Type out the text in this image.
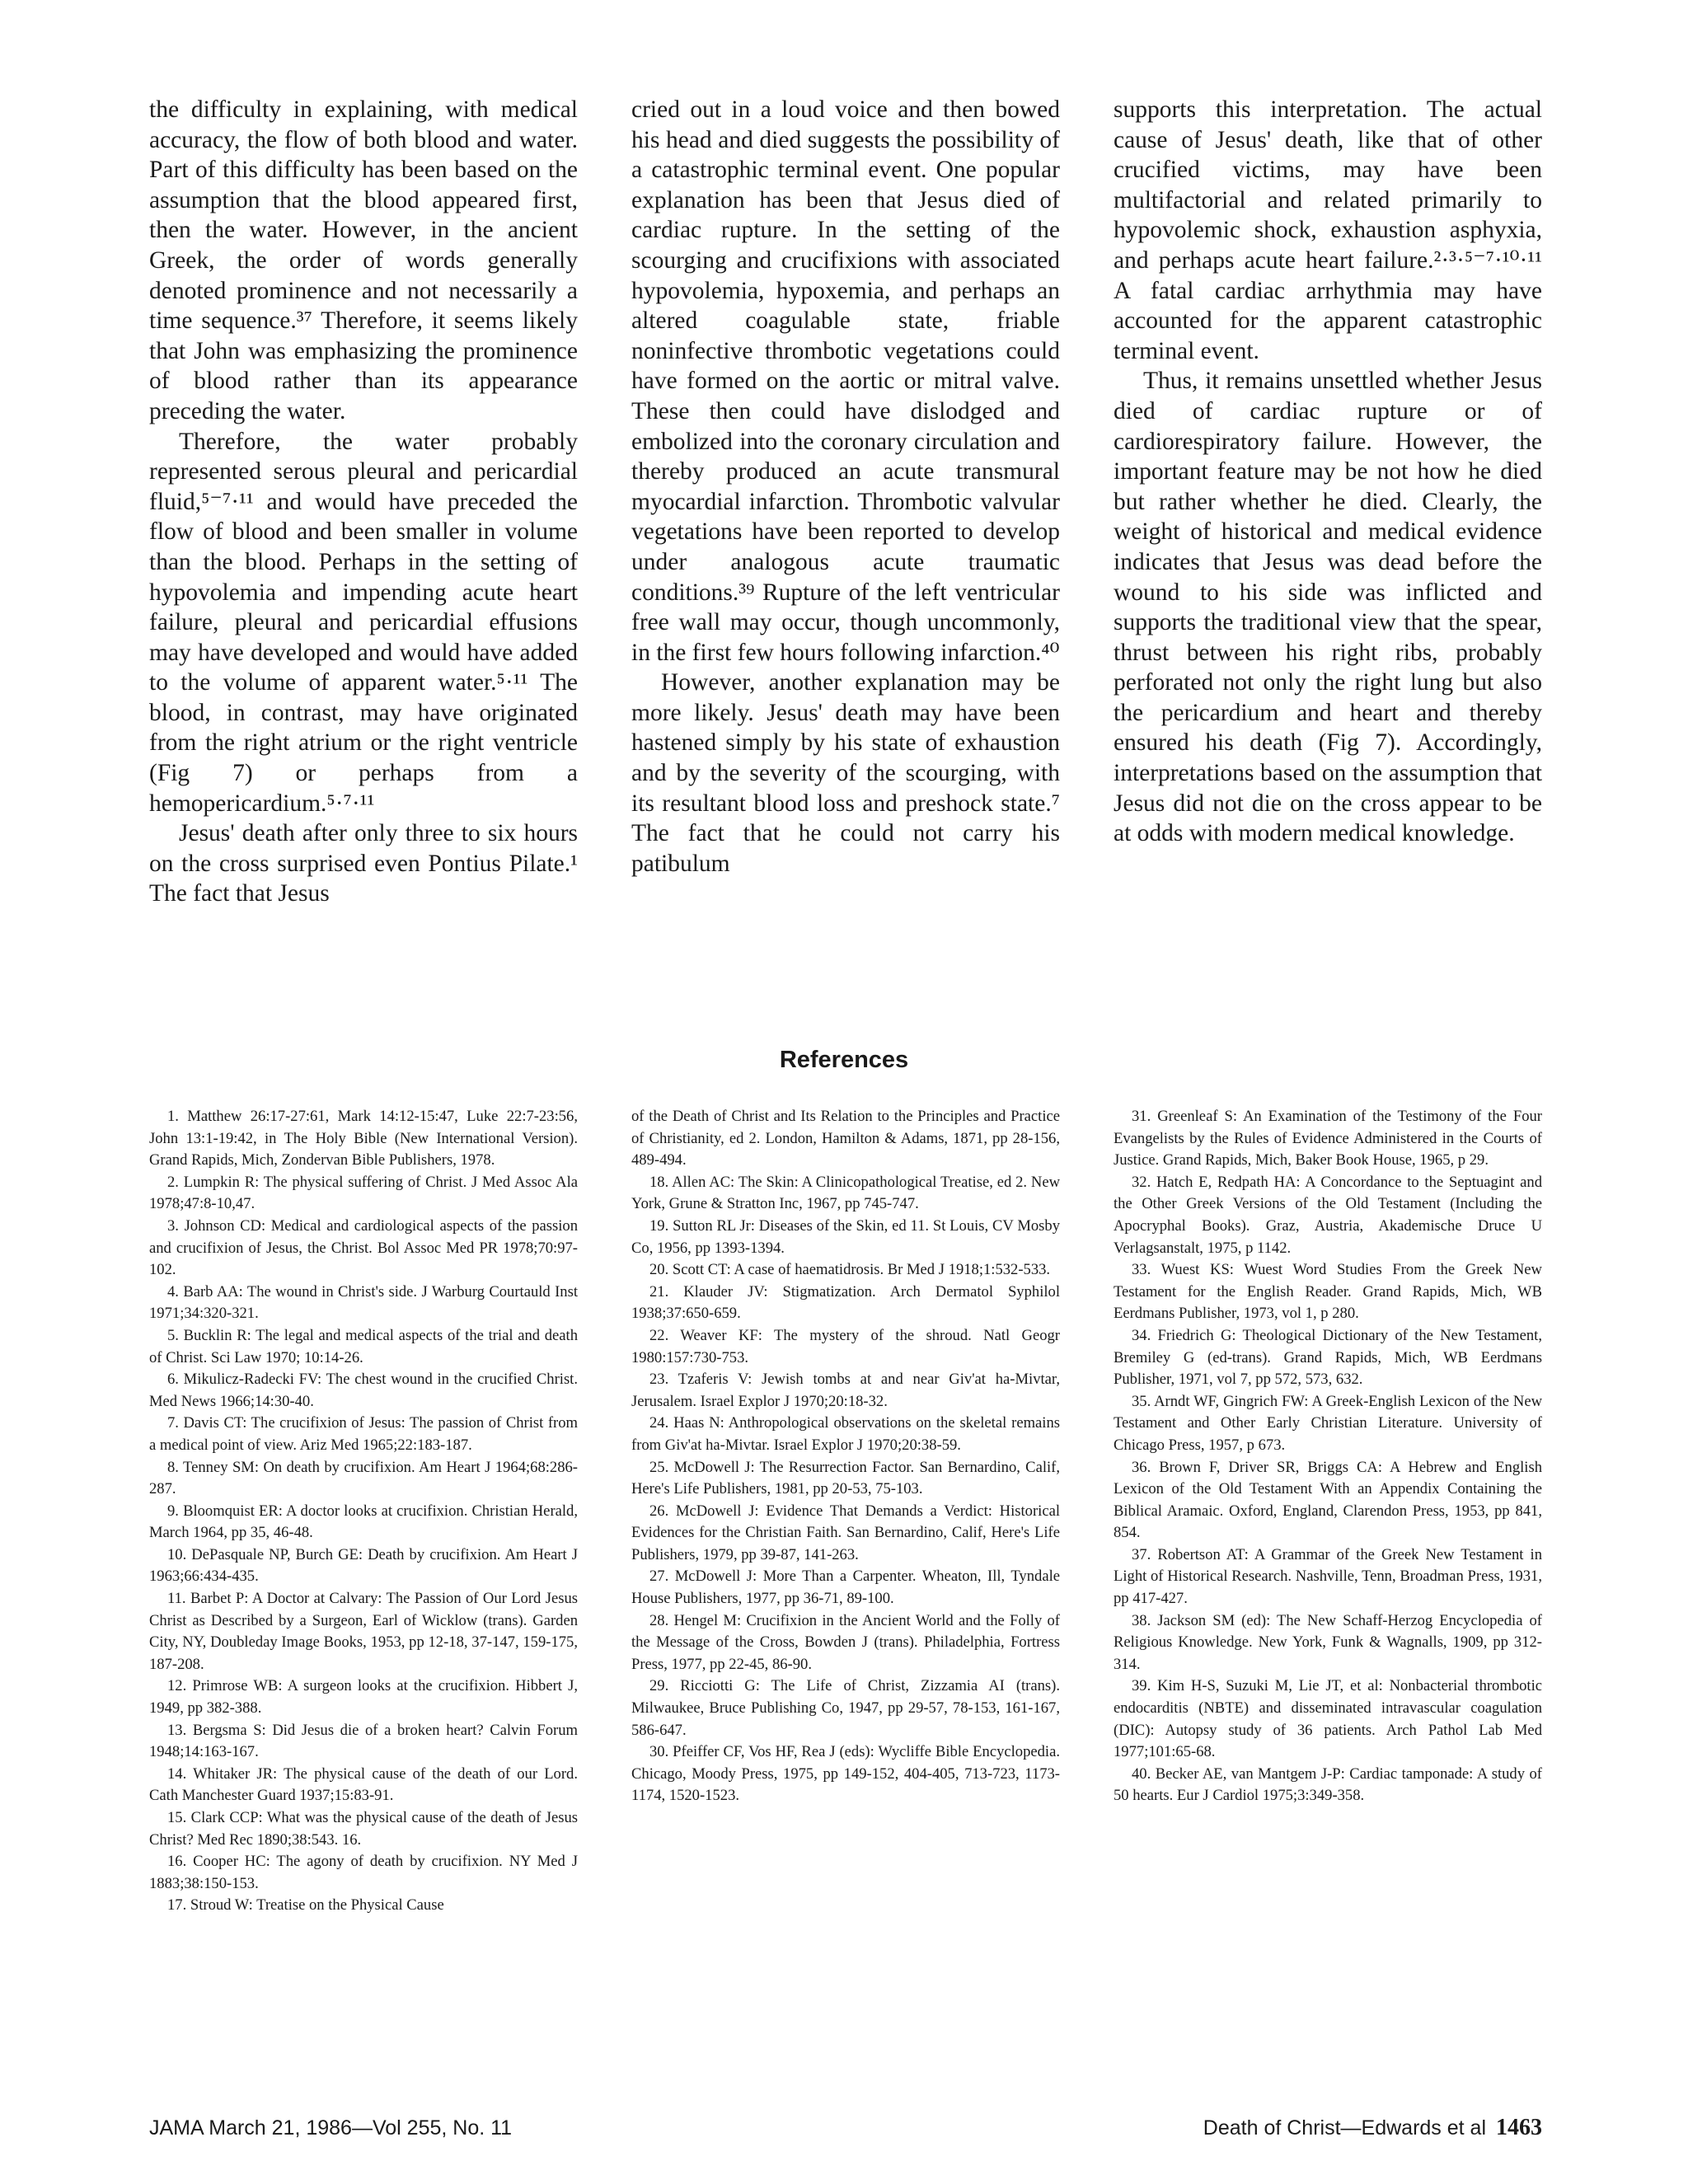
the difficulty in explaining, with medical accuracy, the flow of both blood and water. Part of this difficulty has been based on the assumption that the blood appeared first, then the water. However, in the ancient Greek, the order of words generally denoted prominence and not necessarily a time sequence.³⁷ Therefore, it seems likely that John was emphasizing the prominence of blood rather than its appearance preceding the water.

Therefore, the water probably represented serous pleural and pericardial fluid,⁵⁻⁷·¹¹ and would have preceded the flow of blood and been smaller in volume than the blood. Perhaps in the setting of hypovolemia and impending acute heart failure, pleural and pericardial effusions may have developed and would have added to the volume of apparent water.⁵·¹¹ The blood, in contrast, may have originated from the right atrium or the right ventricle (Fig 7) or perhaps from a hemopericardium.⁵·⁷·¹¹

Jesus' death after only three to six hours on the cross surprised even Pontius Pilate.¹ The fact that Jesus

cried out in a loud voice and then bowed his head and died suggests the possibility of a catastrophic terminal event. One popular explanation has been that Jesus died of cardiac rupture. In the setting of the scourging and crucifixions with associated hypovolemia, hypoxemia, and perhaps an altered coagulable state, friable noninfective thrombotic vegetations could have formed on the aortic or mitral valve. These then could have dislodged and embolized into the coronary circulation and thereby produced an acute transmural myocardial infarction. Thrombotic valvular vegetations have been reported to develop under analogous acute traumatic conditions.³⁹ Rupture of the left ventricular free wall may occur, though uncommonly, in the first few hours following infarction.⁴⁰

However, another explanation may be more likely. Jesus' death may have been hastened simply by his state of exhaustion and by the severity of the scourging, with its resultant blood loss and preshock state.⁷ The fact that he could not carry his patibulum

supports this interpretation. The actual cause of Jesus' death, like that of other crucified victims, may have been multifactorial and related primarily to hypovolemic shock, exhaustion asphyxia, and perhaps acute heart failure.²·³·⁵⁻⁷·¹⁰·¹¹ A fatal cardiac arrhythmia may have accounted for the apparent catastrophic terminal event.

Thus, it remains unsettled whether Jesus died of cardiac rupture or of cardiorespiratory failure. However, the important feature may be not how he died but rather whether he died. Clearly, the weight of historical and medical evidence indicates that Jesus was dead before the wound to his side was inflicted and supports the traditional view that the spear, thrust between his right ribs, probably perforated not only the right lung but also the pericardium and heart and thereby ensured his death (Fig 7). Accordingly, interpretations based on the assumption that Jesus did not die on the cross appear to be at odds with modern medical knowledge.

References

1. Matthew 26:17-27:61, Mark 14:12-15:47, Luke 22:7-23:56, John 13:1-19:42, in The Holy Bible (New International Version). Grand Rapids, Mich, Zondervan Bible Publishers, 1978.

2. Lumpkin R: The physical suffering of Christ. J Med Assoc Ala 1978;47:8-10,47.

3. Johnson CD: Medical and cardiological aspects of the passion and crucifixion of Jesus, the Christ. Bol Assoc Med PR 1978;70:97-102.

4. Barb AA: The wound in Christ's side. J Warburg Courtauld Inst 1971;34:320-321.

5. Bucklin R: The legal and medical aspects of the trial and death of Christ. Sci Law 1970; 10:14-26.

6. Mikulicz-Radecki FV: The chest wound in the crucified Christ. Med News 1966;14:30-40.

7. Davis CT: The crucifixion of Jesus: The passion of Christ from a medical point of view. Ariz Med 1965;22:183-187.

8. Tenney SM: On death by crucifixion. Am Heart J 1964;68:286-287.

9. Bloomquist ER: A doctor looks at crucifixion. Christian Herald, March 1964, pp 35, 46-48.

10. DePasquale NP, Burch GE: Death by crucifixion. Am Heart J 1963;66:434-435.

11. Barbet P: A Doctor at Calvary: The Passion of Our Lord Jesus Christ as Described by a Surgeon, Earl of Wicklow (trans). Garden City, NY, Doubleday Image Books, 1953, pp 12-18, 37-147, 159-175, 187-208.

12. Primrose WB: A surgeon looks at the crucifixion. Hibbert J, 1949, pp 382-388.

13. Bergsma S: Did Jesus die of a broken heart? Calvin Forum 1948;14:163-167.

14. Whitaker JR: The physical cause of the death of our Lord. Cath Manchester Guard 1937;15:83-91.

15. Clark CCP: What was the physical cause of the death of Jesus Christ? Med Rec 1890;38:543. 16.

16. Cooper HC: The agony of death by crucifixion. NY Med J 1883;38:150-153.

17. Stroud W: Treatise on the Physical Cause

of the Death of Christ and Its Relation to the Principles and Practice of Christianity, ed 2. London, Hamilton & Adams, 1871, pp 28-156, 489-494.

18. Allen AC: The Skin: A Clinicopathological Treatise, ed 2. New York, Grune & Stratton Inc, 1967, pp 745-747.

19. Sutton RL Jr: Diseases of the Skin, ed 11. St Louis, CV Mosby Co, 1956, pp 1393-1394.

20. Scott CT: A case of haematidrosis. Br Med J 1918;1:532-533.

21. Klauder JV: Stigmatization. Arch Dermatol Syphilol 1938;37:650-659.

22. Weaver KF: The mystery of the shroud. Natl Geogr 1980:157:730-753.

23. Tzaferis V: Jewish tombs at and near Giv'at ha-Mivtar, Jerusalem. Israel Explor J 1970;20:18-32.

24. Haas N: Anthropological observations on the skeletal remains from Giv'at ha-Mivtar. Israel Explor J 1970;20:38-59.

25. McDowell J: The Resurrection Factor. San Bernardino, Calif, Here's Life Publishers, 1981, pp 20-53, 75-103.

26. McDowell J: Evidence That Demands a Verdict: Historical Evidences for the Christian Faith. San Bernardino, Calif, Here's Life Publishers, 1979, pp 39-87, 141-263.

27. McDowell J: More Than a Carpenter. Wheaton, Ill, Tyndale House Publishers, 1977, pp 36-71, 89-100.

28. Hengel M: Crucifixion in the Ancient World and the Folly of the Message of the Cross, Bowden J (trans). Philadelphia, Fortress Press, 1977, pp 22-45, 86-90.

29. Ricciotti G: The Life of Christ, Zizzamia AI (trans). Milwaukee, Bruce Publishing Co, 1947, pp 29-57, 78-153, 161-167, 586-647.

30. Pfeiffer CF, Vos HF, Rea J (eds): Wycliffe Bible Encyclopedia. Chicago, Moody Press, 1975, pp 149-152, 404-405, 713-723, 1173-1174, 1520-1523.

31. Greenleaf S: An Examination of the Testimony of the Four Evangelists by the Rules of Evidence Administered in the Courts of Justice. Grand Rapids, Mich, Baker Book House, 1965, p 29.

32. Hatch E, Redpath HA: A Concordance to the Septuagint and the Other Greek Versions of the Old Testament (Including the Apocryphal Books). Graz, Austria, Akademische Druce U Verlagsanstalt, 1975, p 1142.

33. Wuest KS: Wuest Word Studies From the Greek New Testament for the English Reader. Grand Rapids, Mich, WB Eerdmans Publisher, 1973, vol 1, p 280.

34. Friedrich G: Theological Dictionary of the New Testament, Bremiley G (ed-trans). Grand Rapids, Mich, WB Eerdmans Publisher, 1971, vol 7, pp 572, 573, 632.

35. Arndt WF, Gingrich FW: A Greek-English Lexicon of the New Testament and Other Early Christian Literature. University of Chicago Press, 1957, p 673.

36. Brown F, Driver SR, Briggs CA: A Hebrew and English Lexicon of the Old Testament With an Appendix Containing the Biblical Aramaic. Oxford, England, Clarendon Press, 1953, pp 841, 854.

37. Robertson AT: A Grammar of the Greek New Testament in Light of Historical Research. Nashville, Tenn, Broadman Press, 1931, pp 417-427.

38. Jackson SM (ed): The New Schaff-Herzog Encyclopedia of Religious Knowledge. New York, Funk & Wagnalls, 1909, pp 312-314.

39. Kim H-S, Suzuki M, Lie JT, et al: Nonbacterial thrombotic endocarditis (NBTE) and disseminated intravascular coagulation (DIC): Autopsy study of 36 patients. Arch Pathol Lab Med 1977;101:65-68.

40. Becker AE, van Mantgem J-P: Cardiac tamponade: A study of 50 hearts. Eur J Cardiol 1975;3:349-358.

JAMA March 21, 1986—Vol 255, No. 11	Death of Christ—Edwards et al 1463
